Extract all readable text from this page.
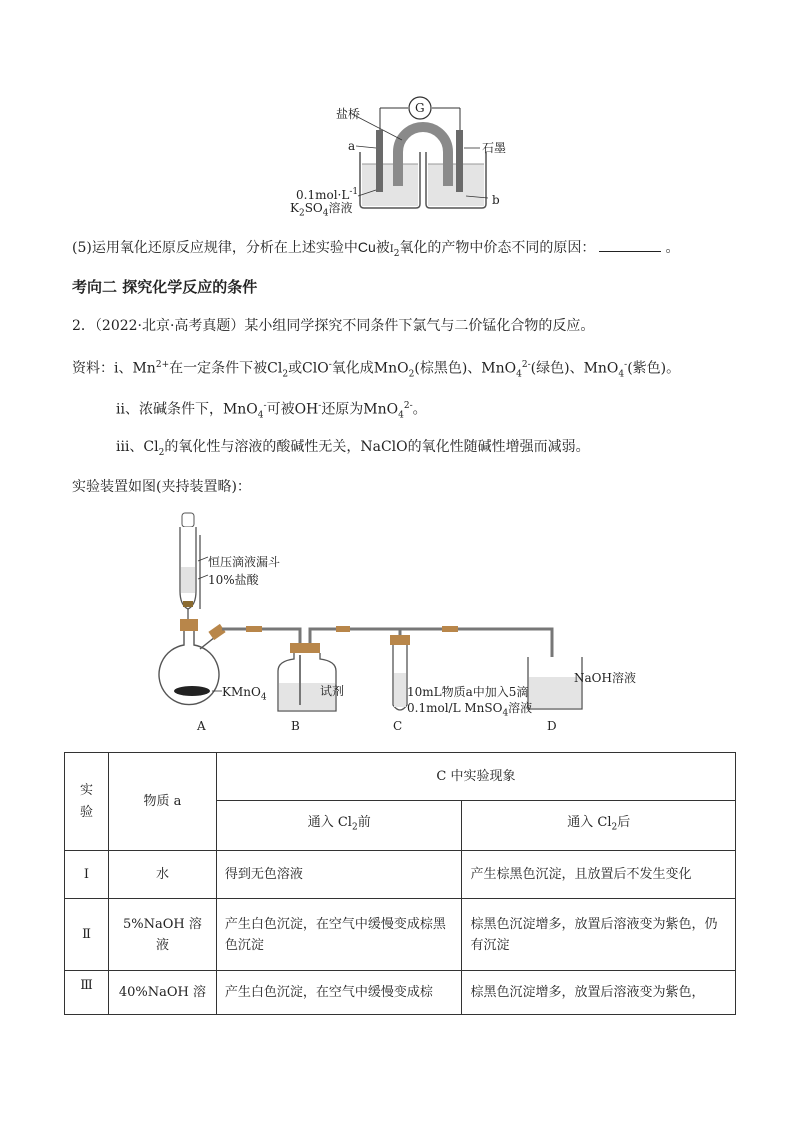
盐桥	G
a	石墨
b
$0.1mol\cdot L^{-1}$
$K_2SO_4$溶液
(5)运用氧化还原反应规律，分析在上述实验中Cu被$I_2$氧化的产物中价态不同的原因：	。
考向二 探究化学反应的条件
2．（2022·北京·高考真题）某小组同学探究不同条件下氯气与二价锰化合物的反应。
资料：ⅰ、$Mn^{2+}$在一定条件下被$Cl_2$或ClO-氧化成MnO$_2$(棕黑色)、MnO$_4^{2-}$(绿色)、MnO$_4$-(紫色)。
ⅱ、浓碱条件下，MnO$_4$-可被OH-还原为MnO$_4^{2-}$。
ⅲ、$Cl_2$的氧化性与溶液的酸碱性无关，NaClO的氧化性随碱性增强而减弱。
实验装置如图(夹持装置略)：
恒压滴液漏斗
10%盐酸
KMnO$_4$	试剂	10mL物质a中加入5滴
0.1mol/L MnSO$_4$溶液
NaOH溶液
A	B	C	D
实验	物质 a	C 中实验现象	
		通入 $Cl_2$前	通入 $Cl_2$后
Ⅰ	水	得到无色溶液	产生棕黑色沉淀，且放置后不发生变化
Ⅱ	5%NaOH 溶液	产生白色沉淀，在空气中缓慢变成棕黑色沉淀	棕黑色沉淀增多，放置后溶液变为紫色，仍有沉淀
Ⅲ	40%NaOH 溶	产生白色沉淀，在空气中缓慢变成棕	棕黑色沉淀增多，放置后溶液变为紫色，
